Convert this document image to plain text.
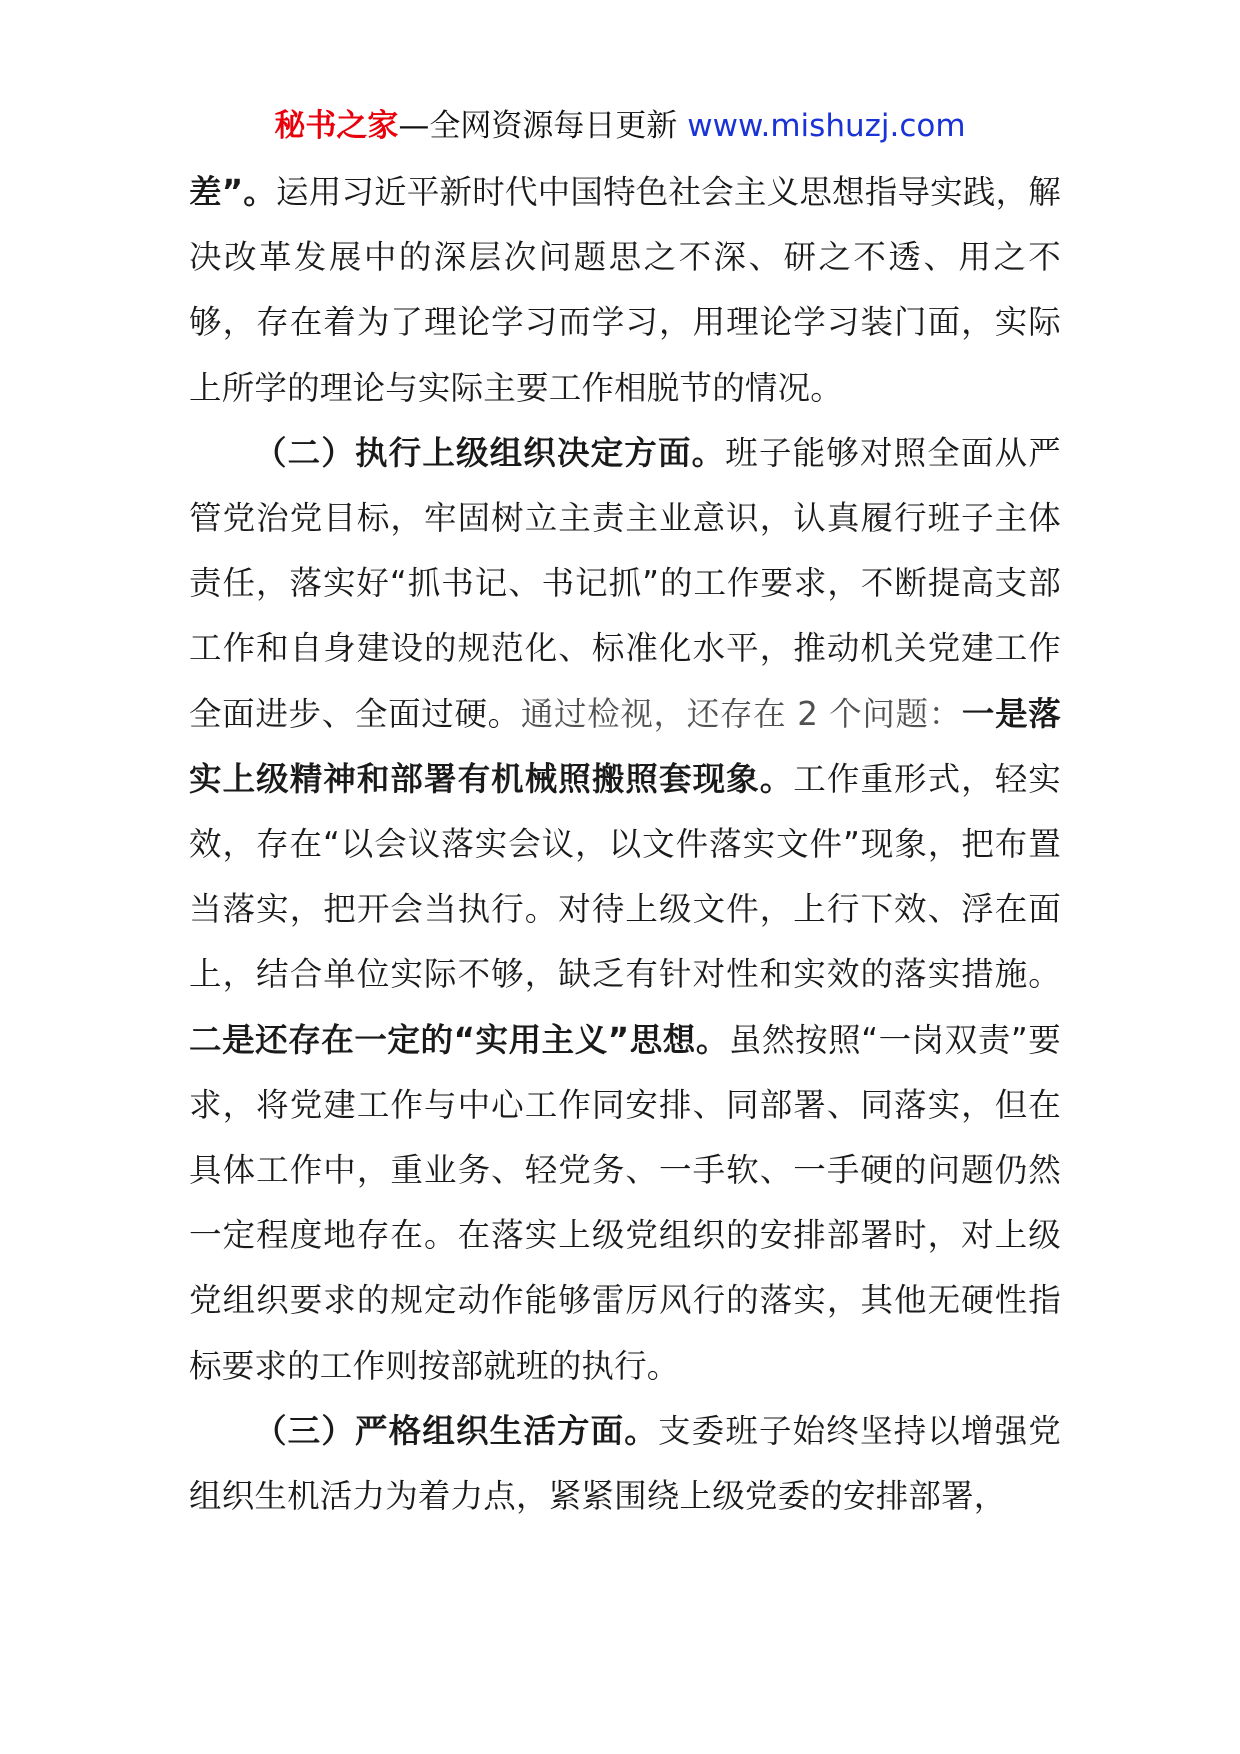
秘书之家—全网资源每日更新 www.mishuzj.com

差”。运用习近平新时代中国特色社会主义思想指导实践，解决改革发展中的深层次问题思之不深、研之不透、用之不够，存在着为了理论学习而学习，用理论学习装门面，实际上所学的理论与实际主要工作相脱节的情况。

（二）执行上级组织决定方面。班子能够对照全面从严管党治党目标，牢固树立主责主业意识，认真履行班子主体责任，落实好“抓书记、书记抓”的工作要求，不断提高支部工作和自身建设的规范化、标准化水平，推动机关党建工作全面进步、全面过硬。通过检视，还存在 2 个问题：一是落实上级精神和部署有机械照搬照套现象。工作重形式，轻实效，存在“以会议落实会议，以文件落实文件”现象，把布置当落实，把开会当执行。对待上级文件，上行下效、浮在面上，结合单位实际不够，缺乏有针对性和实效的落实措施。二是还存在一定的“实用主义”思想。虽然按照“一岗双责”要求，将党建工作与中心工作同安排、同部署、同落实，但在具体工作中，重业务、轻党务、一手软、一手硬的问题仍然一定程度地存在。在落实上级党组织的安排部署时，对上级党组织要求的规定动作能够雷厉风行的落实，其他无硬性指标要求的工作则按部就班的执行。

（三）严格组织生活方面。支委班子始终坚持以增强党组织生机活力为着力点，紧紧围绕上级党委的安排部署，
